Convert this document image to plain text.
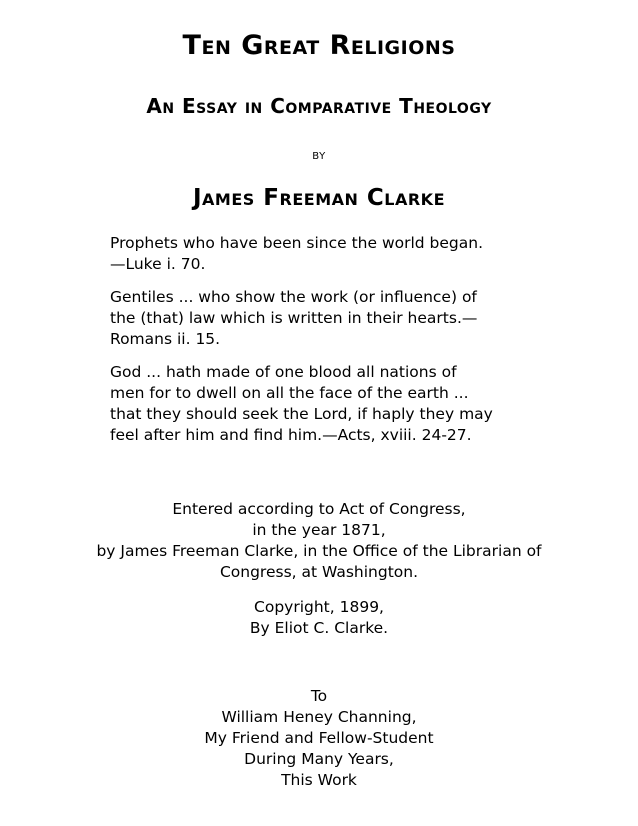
Ten Great Religions
An Essay in Comparative Theology
BY
James Freeman Clarke

Prophets who have been since the world began.

—Luke i. 70.

Gentiles ... who show the work (or influence) of

the (that) law which is written in their hearts.—

Romans ii. 15.

God ... hath made of one blood all nations of

men for to dwell on all the face of the earth ...

that they should seek the Lord, if haply they may

feel after him and find him.—Acts, xviii. 24-27.

Entered according to Act of Congress,

in the year 1871,

by James Freeman Clarke, in the Office of the Librarian of

Congress, at Washington.

Copyright, 1899,

By Eliot C. Clarke.

To

William Heney Channing,

My Friend and Fellow-Student

During Many Years,

This Work
